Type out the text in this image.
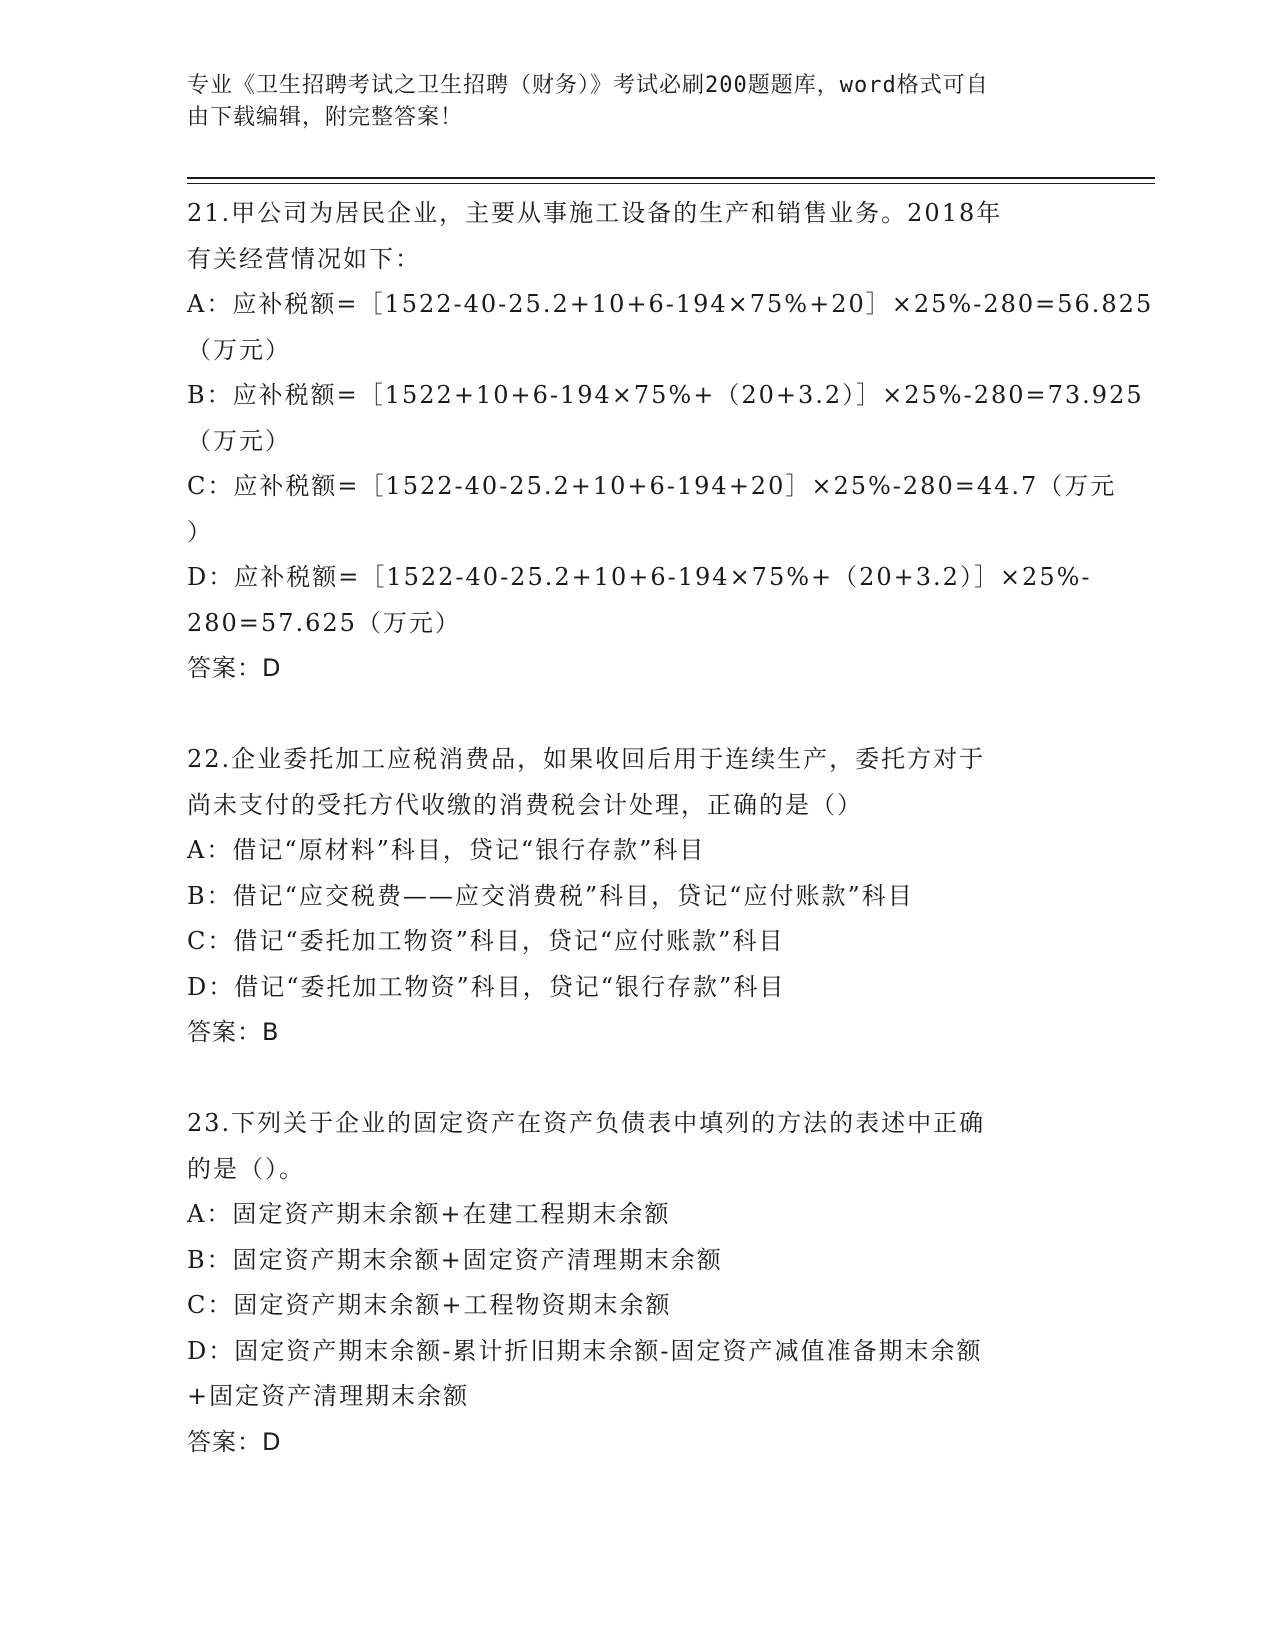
专业《卫生招聘考试之卫生招聘（财务）》考试必刷200题题库，word格式可自
由下载编辑，附完整答案！
21.甲公司为居民企业，主要从事施工设备的生产和销售业务。2018年
有关经营情况如下：
A：应补税额=［1522-40-25.2+10+6-194×75%+20］×25%-280=56.825
（万元）
B：应补税额=［1522+10+6-194×75%+（20+3.2）］×25%-280=73.925
（万元）
C：应补税额=［1522-40-25.2+10+6-194+20］×25%-280=44.7（万元
）
D：应补税额=［1522-40-25.2+10+6-194×75%+（20+3.2）］×25%-
280=57.625（万元）
答案：D
22.企业委托加工应税消费品，如果收回后用于连续生产，委托方对于
尚未支付的受托方代收缴的消费税会计处理，正确的是（）
A：借记“原材料”科目，贷记“银行存款”科目
B：借记“应交税费——应交消费税”科目，贷记“应付账款”科目
C：借记“委托加工物资”科目，贷记“应付账款”科目
D：借记“委托加工物资”科目，贷记“银行存款”科目
答案：B
23.下列关于企业的固定资产在资产负债表中填列的方法的表述中正确
的是（）。
A：固定资产期末余额+在建工程期末余额
B：固定资产期末余额+固定资产清理期末余额
C：固定资产期末余额+工程物资期末余额
D：固定资产期末余额-累计折旧期末余额-固定资产减值准备期末余额
+固定资产清理期末余额
答案：D
